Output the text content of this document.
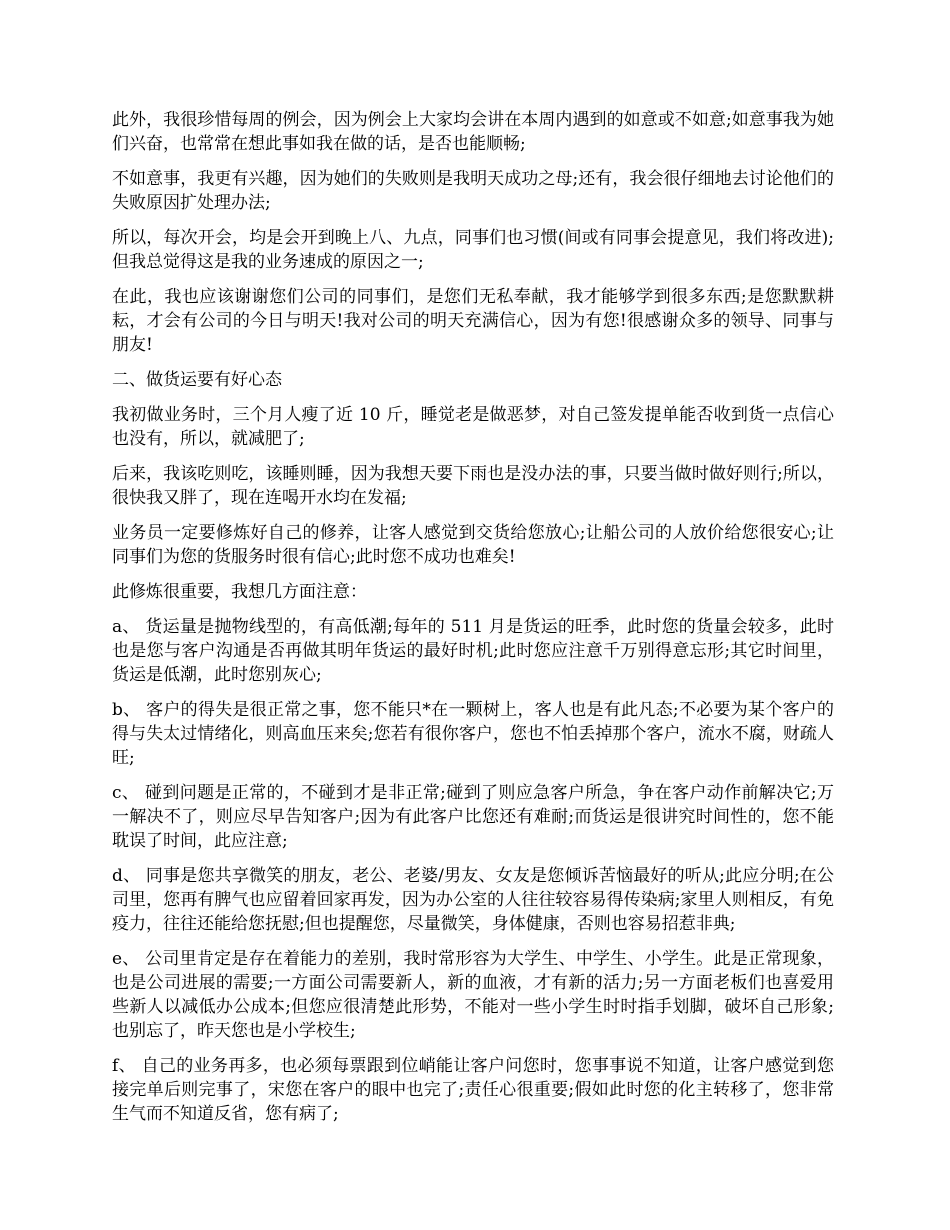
此外，我很珍惜每周的例会，因为例会上大家均会讲在本周内遇到的如意或不如意;如意事我为她们兴奋，也常常在想此事如我在做的话，是否也能顺畅;

不如意事，我更有兴趣，因为她们的失败则是我明天成功之母;还有，我会很仔细地去讨论他们的失败原因扩处理办法;

所以，每次开会，均是会开到晚上八、九点，同事们也习惯(间或有同事会提意见，我们将改进);但我总觉得这是我的业务速成的原因之一;

在此，我也应该谢谢您们公司的同事们，是您们无私奉献，我才能够学到很多东西;是您默默耕耘，才会有公司的今日与明天!我对公司的明天充满信心，因为有您!很感谢众多的领导、同事与朋友!

二、做货运要有好心态

我初做业务时，三个月人瘦了近 10 斤，睡觉老是做恶梦，对自己签发提单能否收到货一点信心也没有，所以，就减肥了;

后来，我该吃则吃，该睡则睡，因为我想天要下雨也是没办法的事，只要当做时做好则行;所以，很快我又胖了，现在连喝开水均在发福;

业务员一定要修炼好自己的修养，让客人感觉到交货给您放心;让船公司的人放价给您很安心;让同事们为您的货服务时很有信心;此时您不成功也难矣!

此修炼很重要，我想几方面注意：

a、 货运量是抛物线型的，有高低潮;每年的 511 月是货运的旺季，此时您的货量会较多，此时也是您与客户沟通是否再做其明年货运的最好时机;此时您应注意千万别得意忘形;其它时间里，货运是低潮，此时您别灰心;

b、 客户的得失是很正常之事，您不能只*在一颗树上，客人也是有此凡态;不必要为某个客户的得与失太过情绪化，则高血压来矣;您若有很你客户，您也不怕丢掉那个客户，流水不腐，财疏人旺;

c、 碰到问题是正常的，不碰到才是非正常;碰到了则应急客户所急，争在客户动作前解决它;万一解决不了，则应尽早告知客户;因为有此客户比您还有难耐;而货运是很讲究时间性的，您不能耽误了时间，此应注意;

d、 同事是您共享微笑的朋友，老公、老婆/男友、女友是您倾诉苦恼最好的听从;此应分明;在公司里，您再有脾气也应留着回家再发，因为办公室的人往往较容易得传染病;家里人则相反，有免疫力，往往还能给您抚慰;但也提醒您，尽量微笑，身体健康，否则也容易招惹非典;

e、 公司里肯定是存在着能力的差别，我时常形容为大学生、中学生、小学生。此是正常现象，也是公司进展的需要;一方面公司需要新人，新的血液，才有新的活力;另一方面老板们也喜爱用些新人以减低办公成本;但您应很清楚此形势，不能对一些小学生时时指手划脚，破坏自己形象;也别忘了，昨天您也是小学校生;

f、 自己的业务再多，也必须每票跟到位峭能让客户问您时，您事事说不知道，让客户感觉到您接完单后则完事了，宋您在客户的眼中也完了;责任心很重要;假如此时您的化主转移了，您非常生气而不知道反省，您有病了;
